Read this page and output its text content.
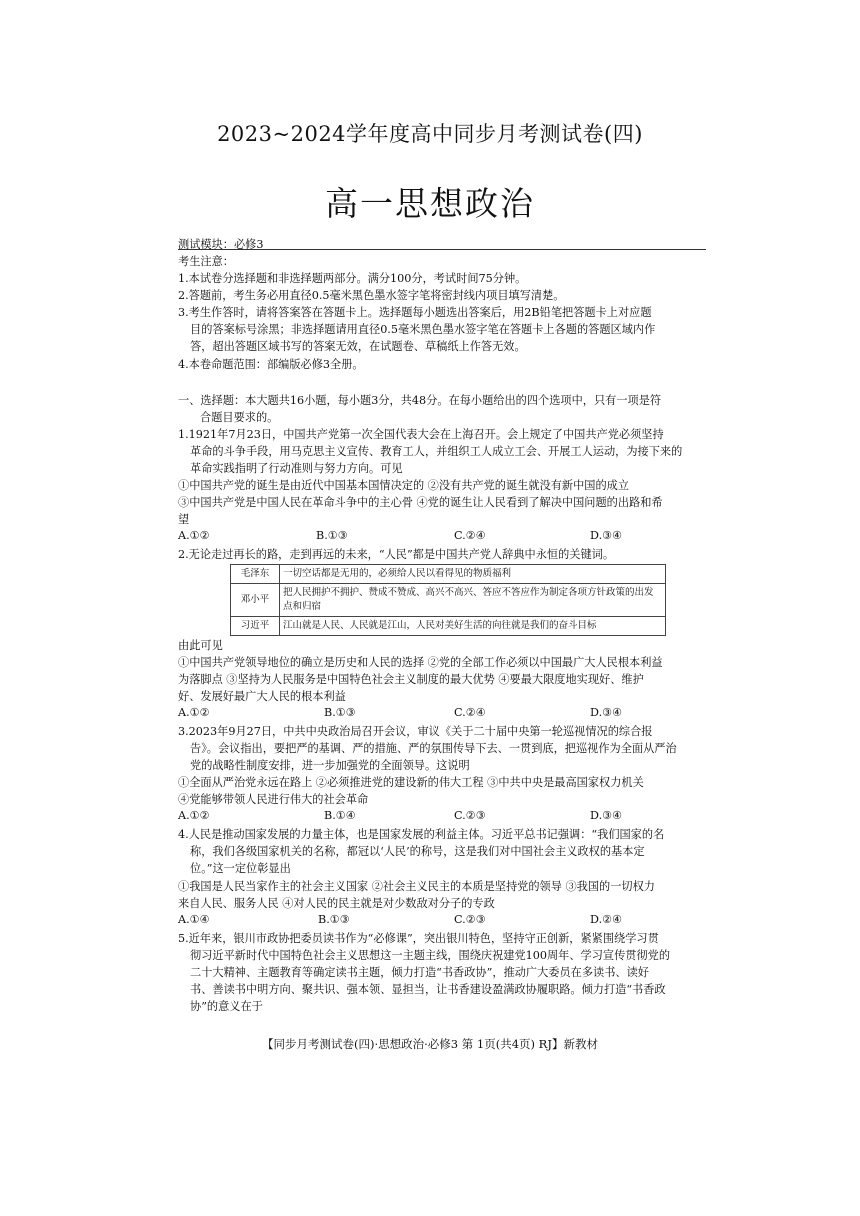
2023~2024学年度高中同步月考测试卷(四)
高一思想政治
测试模块：必修3
考生注意：
1.本试卷分选择题和非选择题两部分。满分100分，考试时间75分钟。
2.答题前，考生务必用直径0.5毫米黑色墨水签字笔将密封线内项目填写清楚。
3.考生作答时，请将答案答在答题卡上。选择题每小题选出答案后，用2B铅笔把答题卡上对应题
目的答案标号涂黑；非选择题请用直径0.5毫米黑色墨水签字笔在答题卡上各题的答题区域内作
答，超出答题区域书写的答案无效，在试题卷、草稿纸上作答无效。
4.本卷命题范围：部编版必修3全册。
一、选择题：本大题共16小题，每小题3分，共48分。在每小题给出的四个选项中，只有一项是符
合题目要求的。
1.1921年7月23日，中国共产党第一次全国代表大会在上海召开。会上规定了中国共产党必须坚持
革命的斗争手段，用马克思主义宣传、教育工人，并组织工人成立工会、开展工人运动，为接下来的
革命实践指明了行动准则与努力方向。可见
①中国共产党的诞生是由近代中国基本国情决定的 ②没有共产党的诞生就没有新中国的成立
③中国共产党是中国人民在革命斗争中的主心骨 ④党的诞生让人民看到了解决中国问题的出路和希
望
A.①②	B.①③	C.②④	D.③④
2.无论走过再长的路，走到再远的未来，“人民”都是中国共产党人辞典中永恒的关键词。
毛泽东	一切空话都是无用的，必须给人民以看得见的物质福利
邓小平	把人民拥护不拥护、赞成不赞成、高兴不高兴、答应不答应作为制定各项方针政策的出发点和归宿
习近平	江山就是人民、人民就是江山，人民对美好生活的向往就是我们的奋斗目标
由此可见
①中国共产党领导地位的确立是历史和人民的选择 ②党的全部工作必须以中国最广大人民根本利益
为落脚点 ③坚持为人民服务是中国特色社会主义制度的最大优势 ④要最大限度地实现好、维护
好、发展好最广大人民的根本利益
A.①②	B.①③	C.②④	D.③④
3.2023年9月27日，中共中央政治局召开会议，审议《关于二十届中央第一轮巡视情况的综合报
告》。会议指出，要把严的基调、严的措施、严的氛围传导下去、一贯到底，把巡视作为全面从严治
党的战略性制度安排，进一步加强党的全面领导。这说明
①全面从严治党永远在路上 ②必须推进党的建设新的伟大工程 ③中共中央是最高国家权力机关
④党能够带领人民进行伟大的社会革命
A.①②	B.①④	C.②③	D.③④
4.人民是推动国家发展的力量主体，也是国家发展的利益主体。习近平总书记强调：“我们国家的名
称，我们各级国家机关的名称，都冠以‘人民’的称号，这是我们对中国社会主义政权的基本定
位。”这一定位彰显出
①我国是人民当家作主的社会主义国家 ②社会主义民主的本质是坚持党的领导 ③我国的一切权力
来自人民、服务人民 ④对人民的民主就是对少数敌对分子的专政
A.①④	B.①③	C.②③	D.②④
5.近年来，银川市政协把委员读书作为“必修课”，突出银川特色，坚持守正创新，紧紧围绕学习贯
彻习近平新时代中国特色社会主义思想这一主题主线，围绕庆祝建党100周年、学习宣传贯彻党的
二十大精神、主题教育等确定读书主题，倾力打造“书香政协”，推动广大委员在多读书、读好
书、善读书中明方向、聚共识、强本领、显担当，让书香建设盈满政协履职路。倾力打造“书香政
协”的意义在于
【同步月考测试卷(四)·思想政治·必修3 第 1页(共4页) RJ】新教材
